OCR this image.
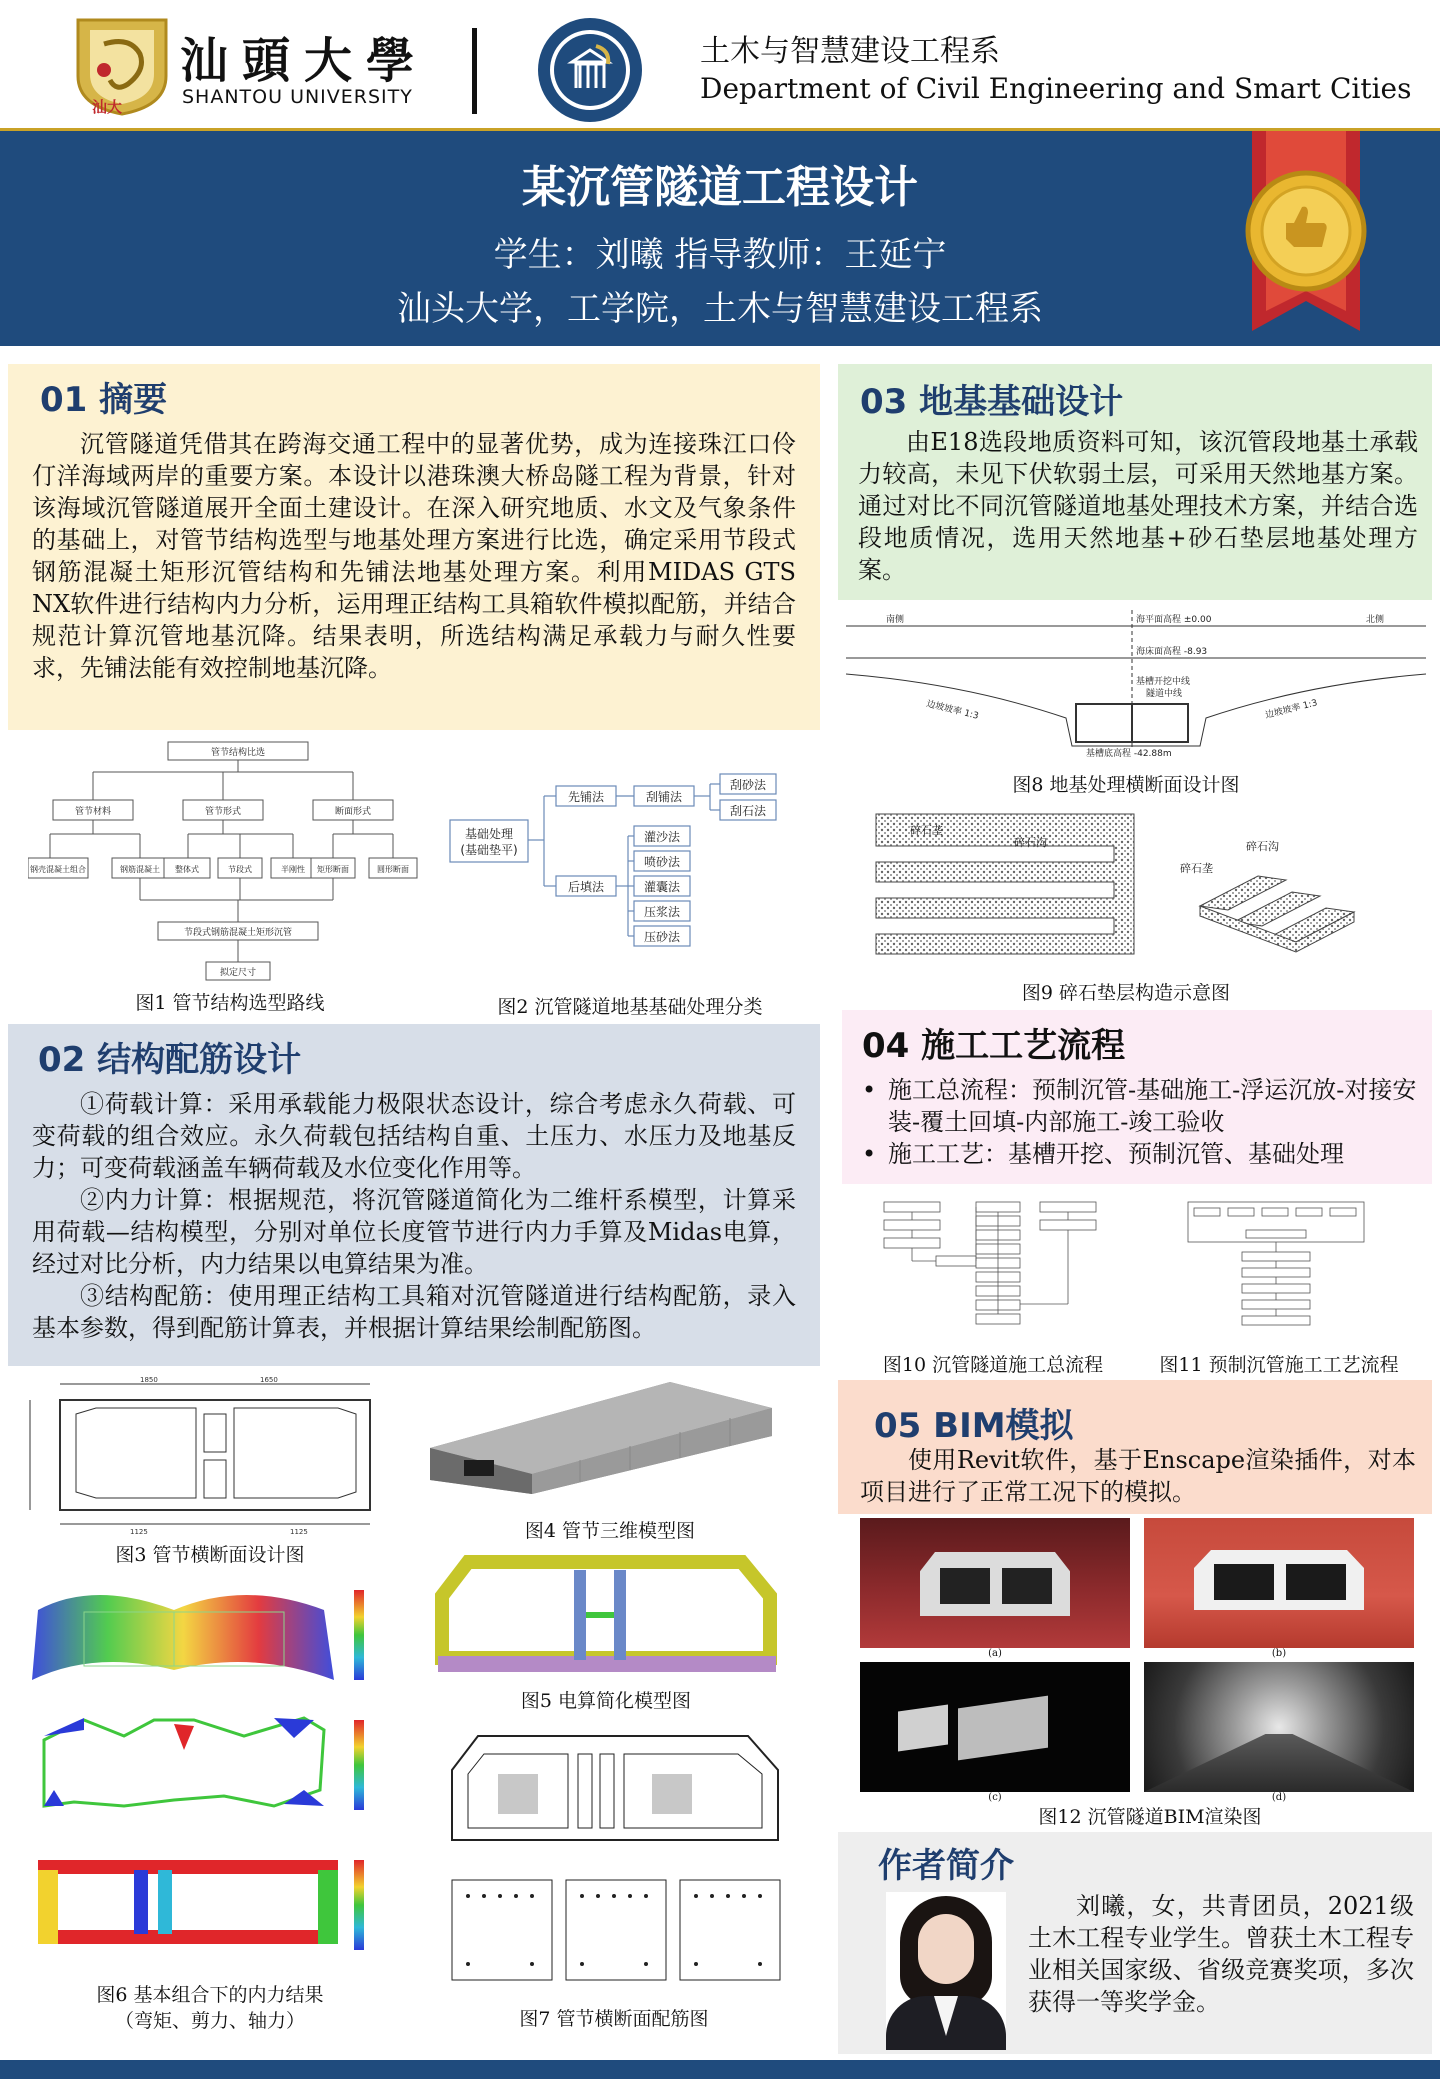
汕大
汕頭大學
SHANTOU UNIVERSITY
土木与智慧建设工程系
Department of Civil Engineering and Smart Cities
某沉管隧道工程设计
学生：刘曦 指导教师：王延宁
汕头大学，工学院，土木与智慧建设工程系
01 摘要
沉管隧道凭借其在跨海交通工程中的显著优势，成为连接珠江口伶仃洋海域两岸的重要方案。本设计以港珠澳大桥岛隧工程为背景，针对该海域沉管隧道展开全面土建设计。在深入研究地质、水文及气象条件的基础上，对管节结构选型与地基处理方案进行比选，确定采用节段式钢筋混凝土矩形沉管结构和先铺法地基处理方案。利用MIDAS GTS NX软件进行结构内力分析，运用理正结构工具箱软件模拟配筋，并结合规范计算沉管地基沉降。结果表明，所选结构满足承载力与耐久性要求，先铺法能有效控制地基沉降。
管节结构比选
管节材料	管节形式	断面形式
钢壳混凝土组合	钢筋混凝土 整体式	节段式	半刚性 矩形断面	圆形断面
节段式钢筋混凝土矩形沉管
拟定尺寸
图1 管节结构选型路线
基础处理
(基础垫平)
先铺法
后填法
刮铺法
刮砂法
刮石法
灌沙法
喷砂法
灌囊法
压浆法
压砂法
图2 沉管隧道地基基础处理分类
02 结构配筋设计
①荷载计算：采用承载能力极限状态设计，综合考虑永久荷载、可变荷载的组合效应。永久荷载包括结构自重、土压力、水压力及地基反力；可变荷载涵盖车辆荷载及水位变化作用等。
②内力计算：根据规范，将沉管隧道简化为二维杆系模型，计算采用荷载—结构模型，分别对单位长度管节进行内力手算及Midas电算，经过对比分析，内力结果以电算结果为准。
③结构配筋：使用理正结构工具箱对沉管隧道进行结构配筋，录入基本参数，得到配筋计算表，并根据计算结果绘制配筋图。
1850	1650
1125	1125
图3 管节横断面设计图
图4 管节三维模型图
图6 基本组合下的内力结果
（弯矩、剪力、轴力）
图5 电算简化模型图
图7 管节横断面配筋图
03 地基基础设计
由E18选段地质资料可知，该沉管段地基土承载力较高，未见下伏软弱土层，可采用天然地基方案。通过对比不同沉管隧道地基处理技术方案，并结合选段地质情况，选用天然地基+砂石垫层地基处理方案。
南侧	北侧
海平面高程 ±0.00
海床面高程 -8.93
基槽开挖中线
隧道中线
边坡坡率 1:3	边坡坡率 1:3
基槽底高程 -42.88m
图8 地基处理横断面设计图
碎石垄
碎石沟	碎石沟
碎石垄
图9 碎石垫层构造示意图
04 施工工艺流程
• 施工总流程：预制沉管-基础施工-浮运沉放-对接安装-覆土回填-内部施工-竣工验收
• 施工工艺：基槽开挖、预制沉管、基础处理
图10 沉管隧道施工总流程	图11 预制沉管施工工艺流程
05 BIM模拟
使用Revit软件，基于Enscape渲染插件，对本项目进行了正常工况下的模拟。
(a)	(b)
(c)	(d)
图12 沉管隧道BIM渲染图
作者简介
刘曦，女，共青团员，2021级土木工程专业学生。曾获土木工程专业相关国家级、省级竞赛奖项，多次获得一等奖学金。
